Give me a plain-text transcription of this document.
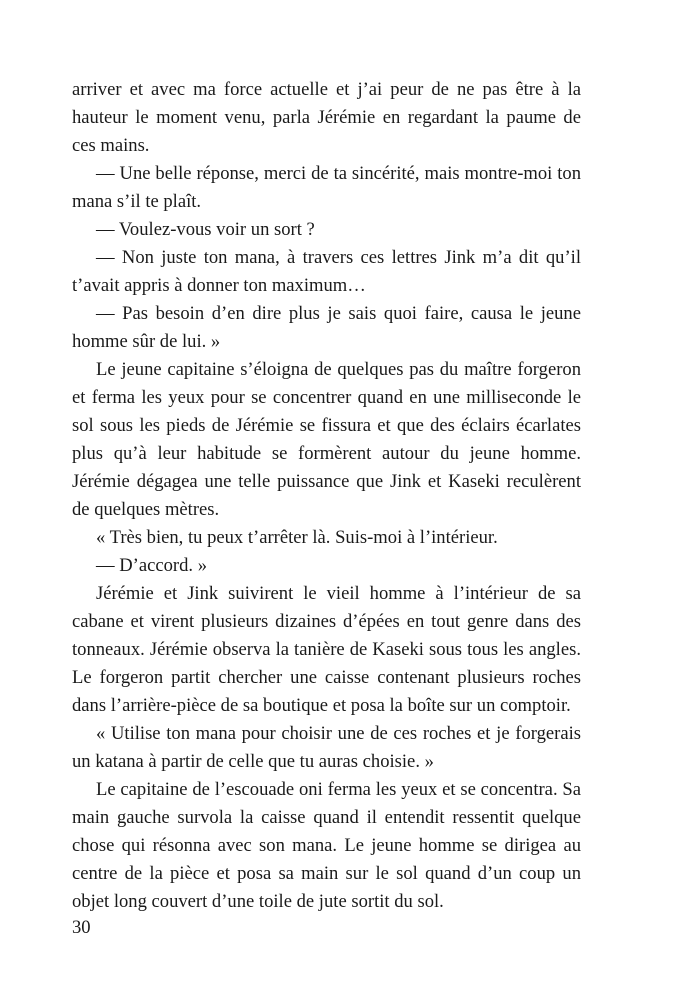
arriver et avec ma force actuelle et j’ai peur de ne pas être à la hauteur le moment venu, parla Jérémie en regardant la paume de ces mains.

— Une belle réponse, merci de ta sincérité, mais montre-moi ton mana s’il te plaît.

— Voulez-vous voir un sort ?

— Non juste ton mana, à travers ces lettres Jink m’a dit qu’il t’avait appris à donner ton maximum…

— Pas besoin d’en dire plus je sais quoi faire, causa le jeune homme sûr de lui. »

Le jeune capitaine s’éloigna de quelques pas du maître forgeron et ferma les yeux pour se concentrer quand en une milliseconde le sol sous les pieds de Jérémie se fissura et que des éclairs écarlates plus qu’à leur habitude se formèrent autour du jeune homme. Jérémie dégagea une telle puissance que Jink et Kaseki reculèrent de quelques mètres.

« Très bien, tu peux t’arrêter là. Suis-moi à l’intérieur.

— D’accord. »

Jérémie et Jink suivirent le vieil homme à l’intérieur de sa cabane et virent plusieurs dizaines d’épées en tout genre dans des tonneaux. Jérémie observa la tanière de Kaseki sous tous les angles. Le forgeron partit chercher une caisse contenant plusieurs roches dans l’arrière-pièce de sa boutique et posa la boîte sur un comptoir.

« Utilise ton mana pour choisir une de ces roches et je forgerais un katana à partir de celle que tu auras choisie. »

Le capitaine de l’escouade oni ferma les yeux et se concentra. Sa main gauche survola la caisse quand il entendit ressentit quelque chose qui résonna avec son mana. Le jeune homme se dirigea au centre de la pièce et posa sa main sur le sol quand d’un coup un objet long couvert d’une toile de jute sortit du sol.

30
